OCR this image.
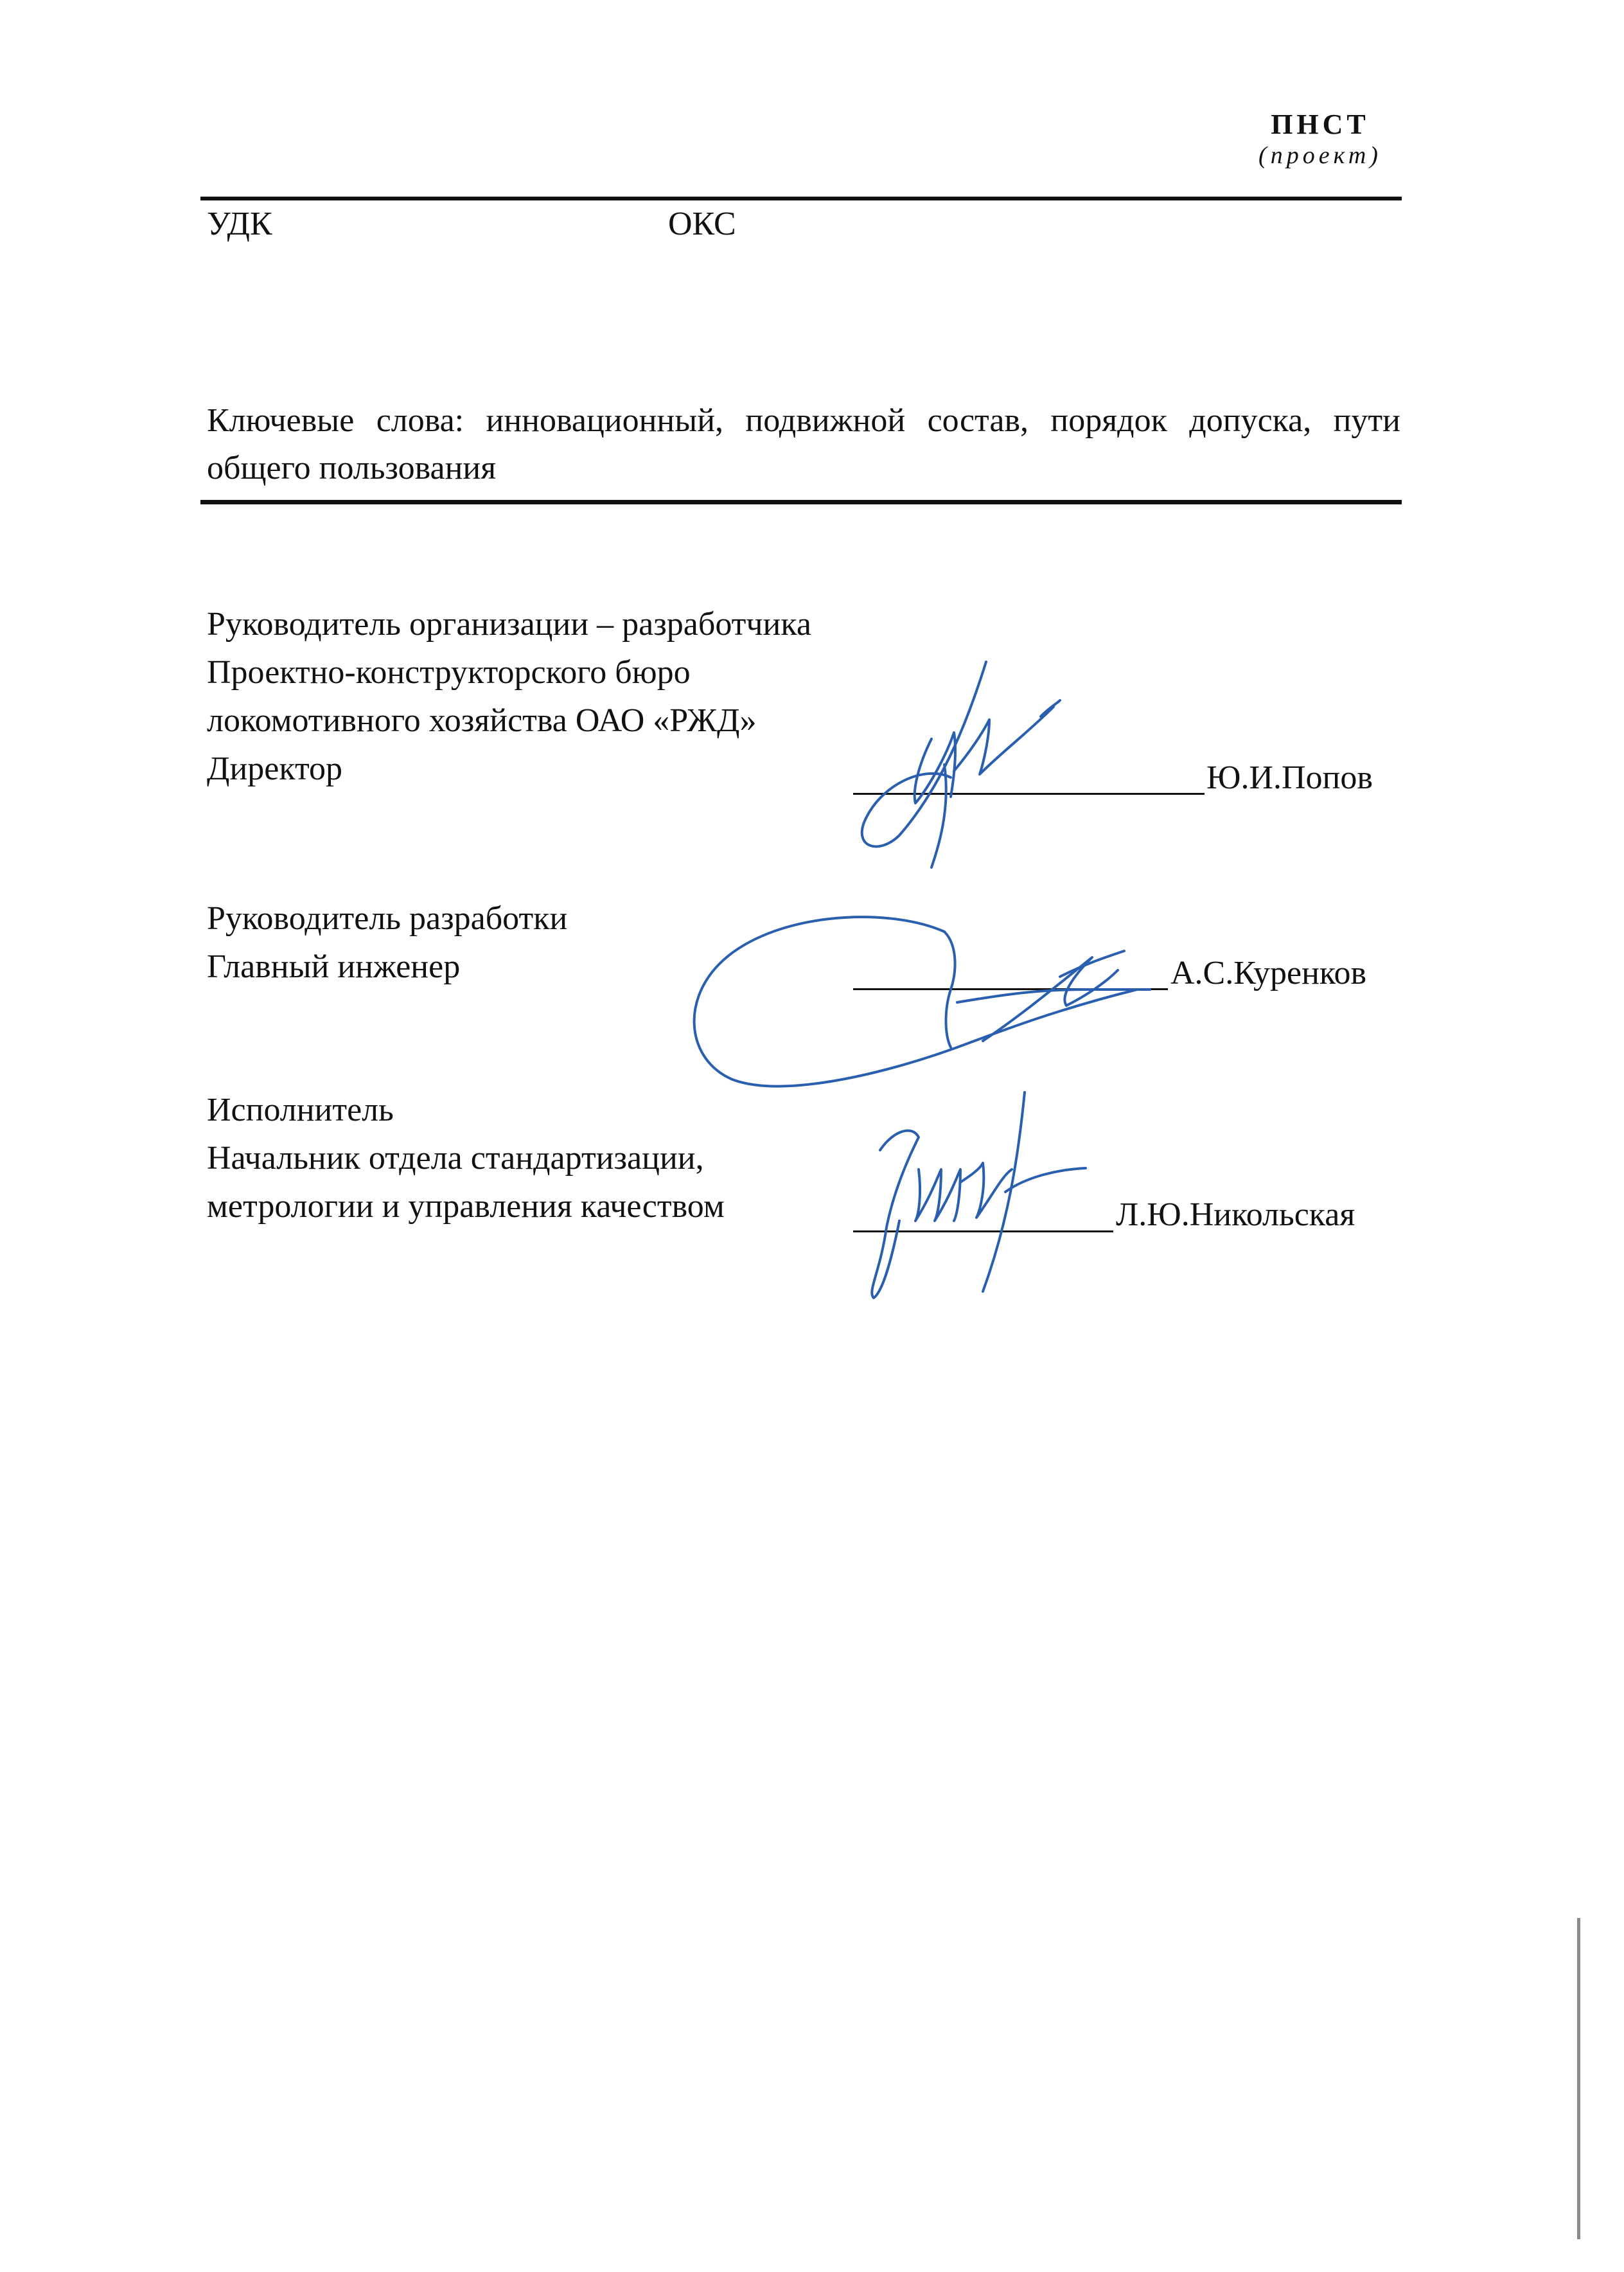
ПНСТ
(проект)
УДК	ОКС
Ключевые слова: инновационный, подвижной состав, порядок допуска, пути общего пользования
Руководитель организации – разработчика
Проектно-конструкторского бюро
локомотивного хозяйства ОАО «РЖД»
Директор	Ю.И.Попов
Руководитель разработки
Главный инженер	А.С.Куренков
Исполнитель
Начальник отдела стандартизации,
метрологии и управления качеством	Л.Ю.Никольская
